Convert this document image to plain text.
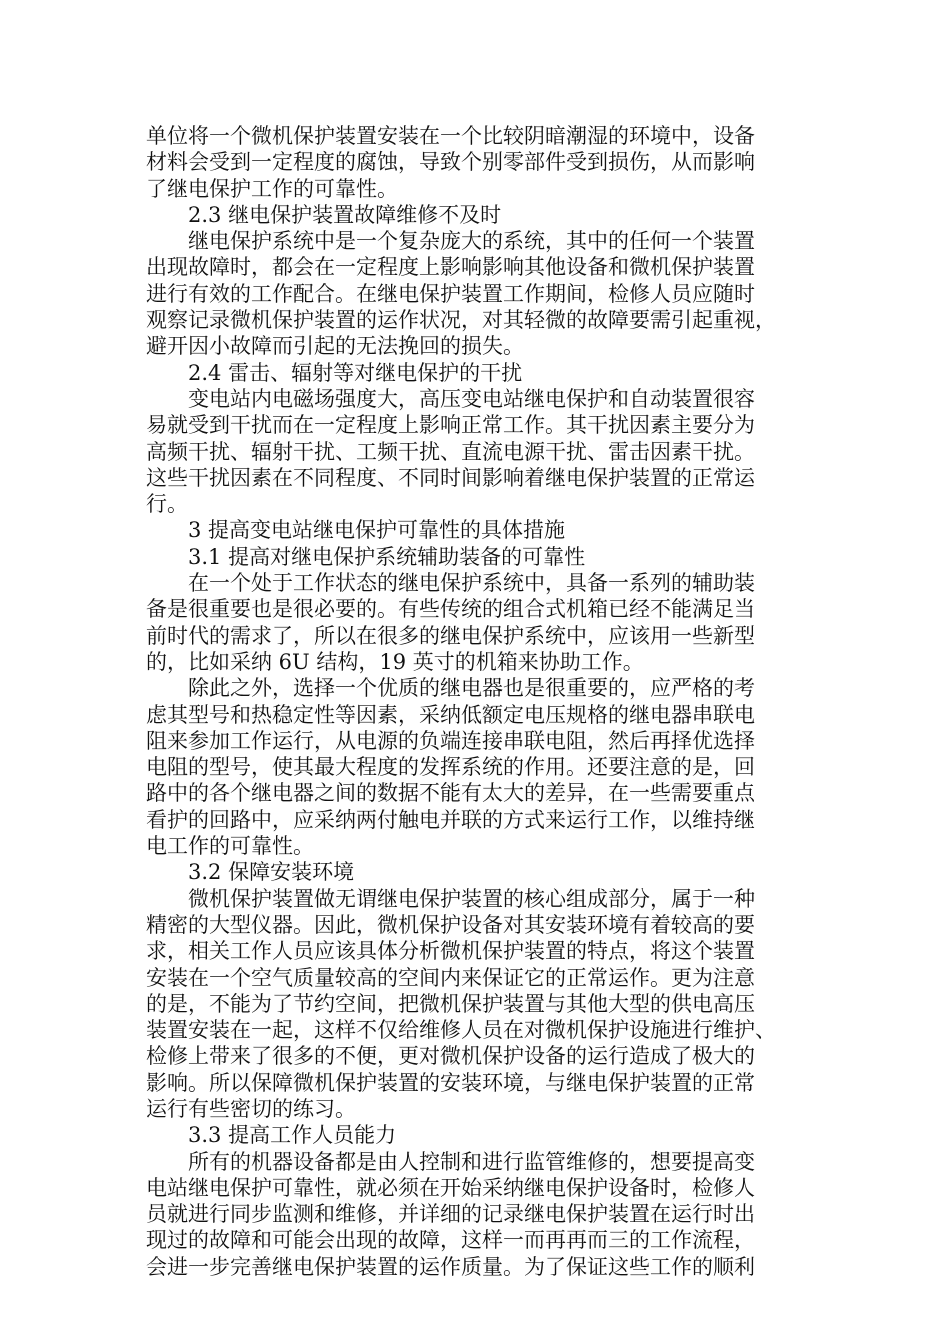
单位将一个微机保护装置安装在一个比较阴暗潮湿的环境中，设备
材料会受到一定程度的腐蚀，导致个别零部件受到损伤，从而影响
了继电保护工作的可靠性。
2.3 继电保护装置故障维修不及时
继电保护系统中是一个复杂庞大的系统，其中的任何一个装置
出现故障时，都会在一定程度上影响影响其他设备和微机保护装置
进行有效的工作配合。在继电保护装置工作期间，检修人员应随时
观察记录微机保护装置的运作状况，对其轻微的故障要需引起重视，
避开因小故障而引起的无法挽回的损失。
2.4 雷击、辐射等对继电保护的干扰
变电站内电磁场强度大，高压变电站继电保护和自动装置很容
易就受到干扰而在一定程度上影响正常工作。其干扰因素主要分为
高频干扰、辐射干扰、工频干扰、直流电源干扰、雷击因素干扰。
这些干扰因素在不同程度、不同时间影响着继电保护装置的正常运
行。
3 提高变电站继电保护可靠性的具体措施
3.1 提高对继电保护系统辅助装备的可靠性
在一个处于工作状态的继电保护系统中，具备一系列的辅助装
备是很重要也是很必要的。有些传统的组合式机箱已经不能满足当
前时代的需求了，所以在很多的继电保护系统中，应该用一些新型
的，比如采纳 6U 结构，19 英寸的机箱来协助工作。
除此之外，选择一个优质的继电器也是很重要的，应严格的考
虑其型号和热稳定性等因素，采纳低额定电压规格的继电器串联电
阻来参加工作运行，从电源的负端连接串联电阻，然后再择优选择
电阻的型号，使其最大程度的发挥系统的作用。还要注意的是，回
路中的各个继电器之间的数据不能有太大的差异，在一些需要重点
看护的回路中，应采纳两付触电并联的方式来运行工作，以维持继
电工作的可靠性。
3.2 保障安装环境
微机保护装置做无谓继电保护装置的核心组成部分，属于一种
精密的大型仪器。因此，微机保护设备对其安装环境有着较高的要
求，相关工作人员应该具体分析微机保护装置的特点，将这个装置
安装在一个空气质量较高的空间内来保证它的正常运作。更为注意
的是，不能为了节约空间，把微机保护装置与其他大型的供电高压
装置安装在一起，这样不仅给维修人员在对微机保护设施进行维护、
检修上带来了很多的不便，更对微机保护设备的运行造成了极大的
影响。所以保障微机保护装置的安装环境，与继电保护装置的正常
运行有些密切的练习。
3.3 提高工作人员能力
所有的机器设备都是由人控制和进行监管维修的，想要提高变
电站继电保护可靠性，就必须在开始采纳继电保护设备时，检修人
员就进行同步监测和维修，并详细的记录继电保护装置在运行时出
现过的故障和可能会出现的故障，这样一而再再而三的工作流程，
会进一步完善继电保护装置的运作质量。为了保证这些工作的顺利
